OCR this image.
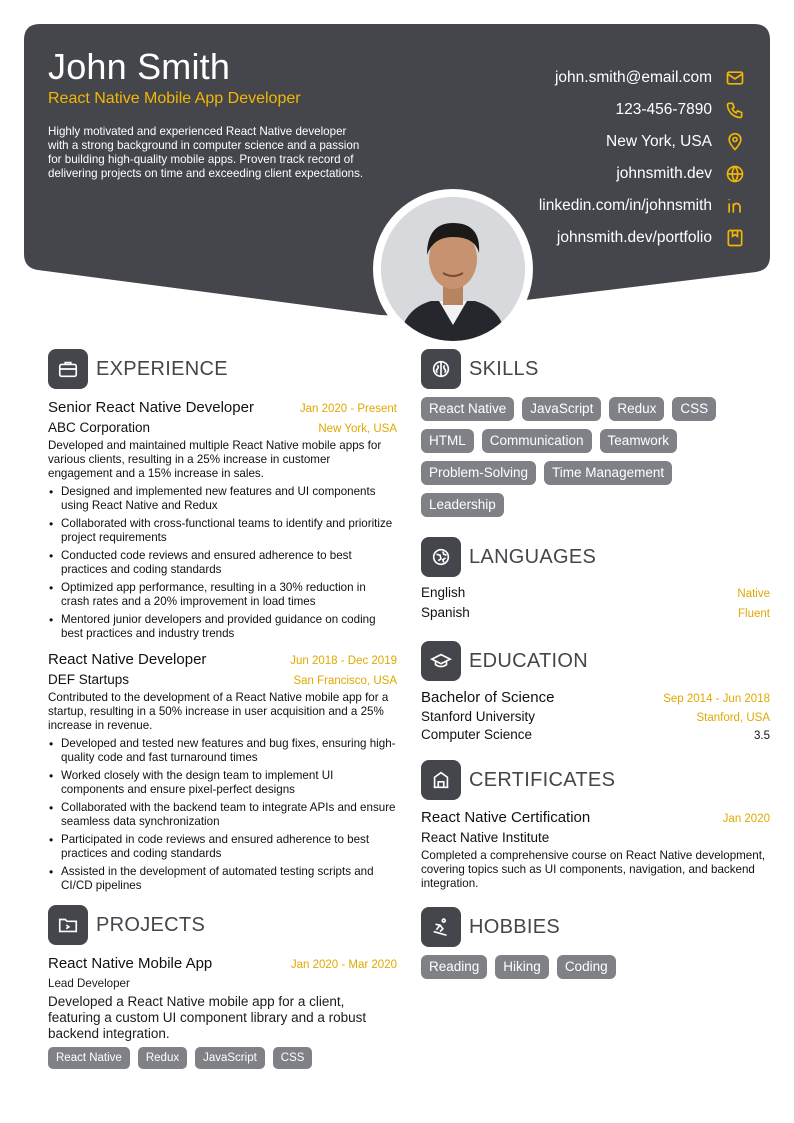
John Smith
React Native Mobile App Developer
Highly motivated and experienced React Native developer with a strong background in computer science and a passion for building high-quality mobile apps. Proven track record of delivering projects on time and exceeding client expectations.
john.smith@email.com
123-456-7890
New York, USA
johnsmith.dev
linkedin.com/in/johnsmith
johnsmith.dev/portfolio
EXPERIENCE
Senior React Native Developer	Jan 2020 - Present
ABC Corporation	New York, USA
Developed and maintained multiple React Native mobile apps for various clients, resulting in a 25% increase in customer engagement and a 15% increase in sales.
• Designed and implemented new features and UI components using React Native and Redux
• Collaborated with cross-functional teams to identify and prioritize project requirements
• Conducted code reviews and ensured adherence to best practices and coding standards
• Optimized app performance, resulting in a 30% reduction in crash rates and a 20% improvement in load times
• Mentored junior developers and provided guidance on coding best practices and industry trends
React Native Developer	Jun 2018 - Dec 2019
DEF Startups	San Francisco, USA
Contributed to the development of a React Native mobile app for a startup, resulting in a 50% increase in user acquisition and a 25% increase in revenue.
• Developed and tested new features and bug fixes, ensuring high-quality code and fast turnaround times
• Worked closely with the design team to implement UI components and ensure pixel-perfect designs
• Collaborated with the backend team to integrate APIs and ensure seamless data synchronization
• Participated in code reviews and ensured adherence to best practices and coding standards
• Assisted in the development of automated testing scripts and CI/CD pipelines
PROJECTS
React Native Mobile App	Jan 2020 - Mar 2020
Lead Developer
Developed a React Native mobile app for a client, featuring a custom UI component library and a robust backend integration.
React Native	Redux	JavaScript	CSS
SKILLS
React Native	JavaScript	Redux	CSS
HTML	Communication	Teamwork
Problem-Solving	Time Management
Leadership
LANGUAGES
English	Native
Spanish	Fluent
EDUCATION
Bachelor of Science	Sep 2014 - Jun 2018
Stanford University	Stanford, USA
Computer Science	3.5
CERTIFICATES
React Native Certification	Jan 2020
React Native Institute
Completed a comprehensive course on React Native development, covering topics such as UI components, navigation, and backend integration.
HOBBIES
Reading	Hiking	Coding
